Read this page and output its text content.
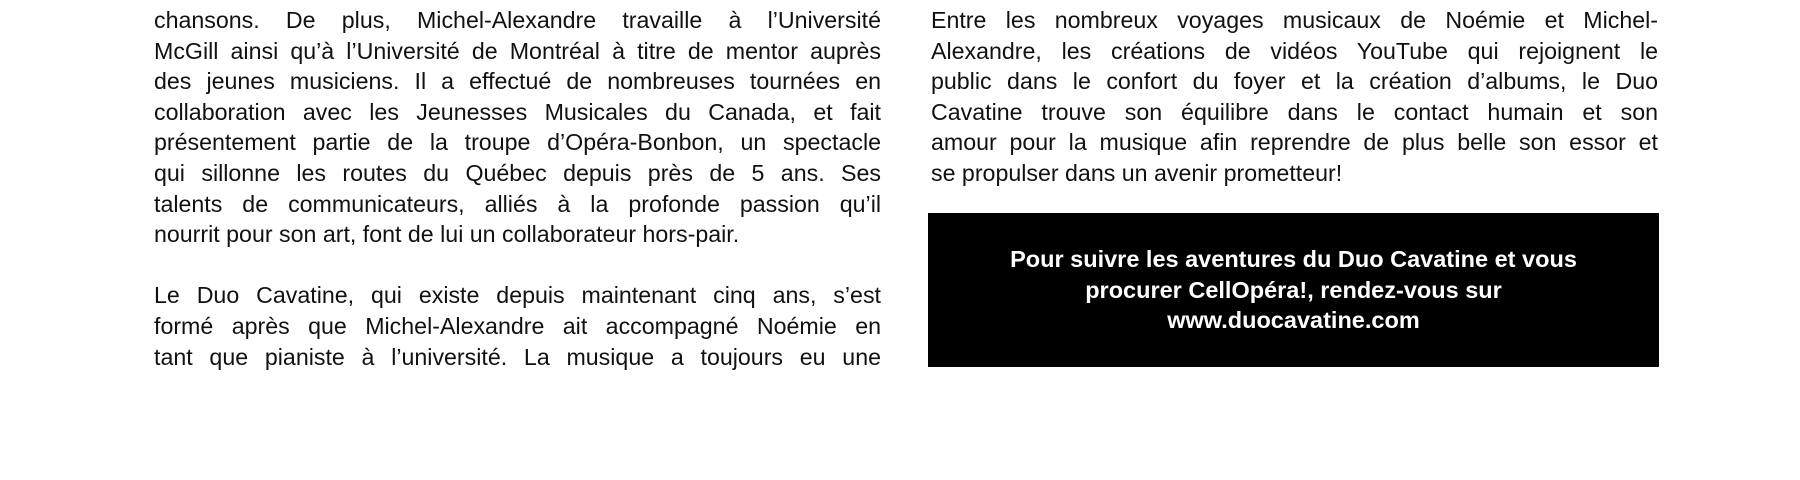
chansons. De plus, Michel-Alexandre travaille à l’Université
McGill ainsi qu’à l’Université de Montréal à titre de mentor auprès
des jeunes musiciens. Il a effectué de nombreuses tournées en
collaboration avec les Jeunesses Musicales du Canada, et fait
présentement partie de la troupe d’Opéra-Bonbon, un spectacle
qui sillonne les routes du Québec depuis près de 5 ans. Ses
talents de communicateurs, alliés à la profonde passion qu’il
nourrit pour son art, font de lui un collaborateur hors-pair.
Le Duo Cavatine, qui existe depuis maintenant cinq ans, s’est
formé après que Michel-Alexandre ait accompagné Noémie en
tant que pianiste à l’université. La musique a toujours eu une
Entre les nombreux voyages musicaux de Noémie et Michel-
Alexandre, les créations de vidéos YouTube qui rejoignent le
public dans le confort du foyer et la création d’albums, le Duo
Cavatine trouve son équilibre dans le contact humain et son
amour pour la musique afin reprendre de plus belle son essor et
se propulser dans un avenir prometteur!
Pour suivre les aventures du Duo Cavatine et vous
procurer CellOpéra!, rendez-vous sur
www.duocavatine.com
